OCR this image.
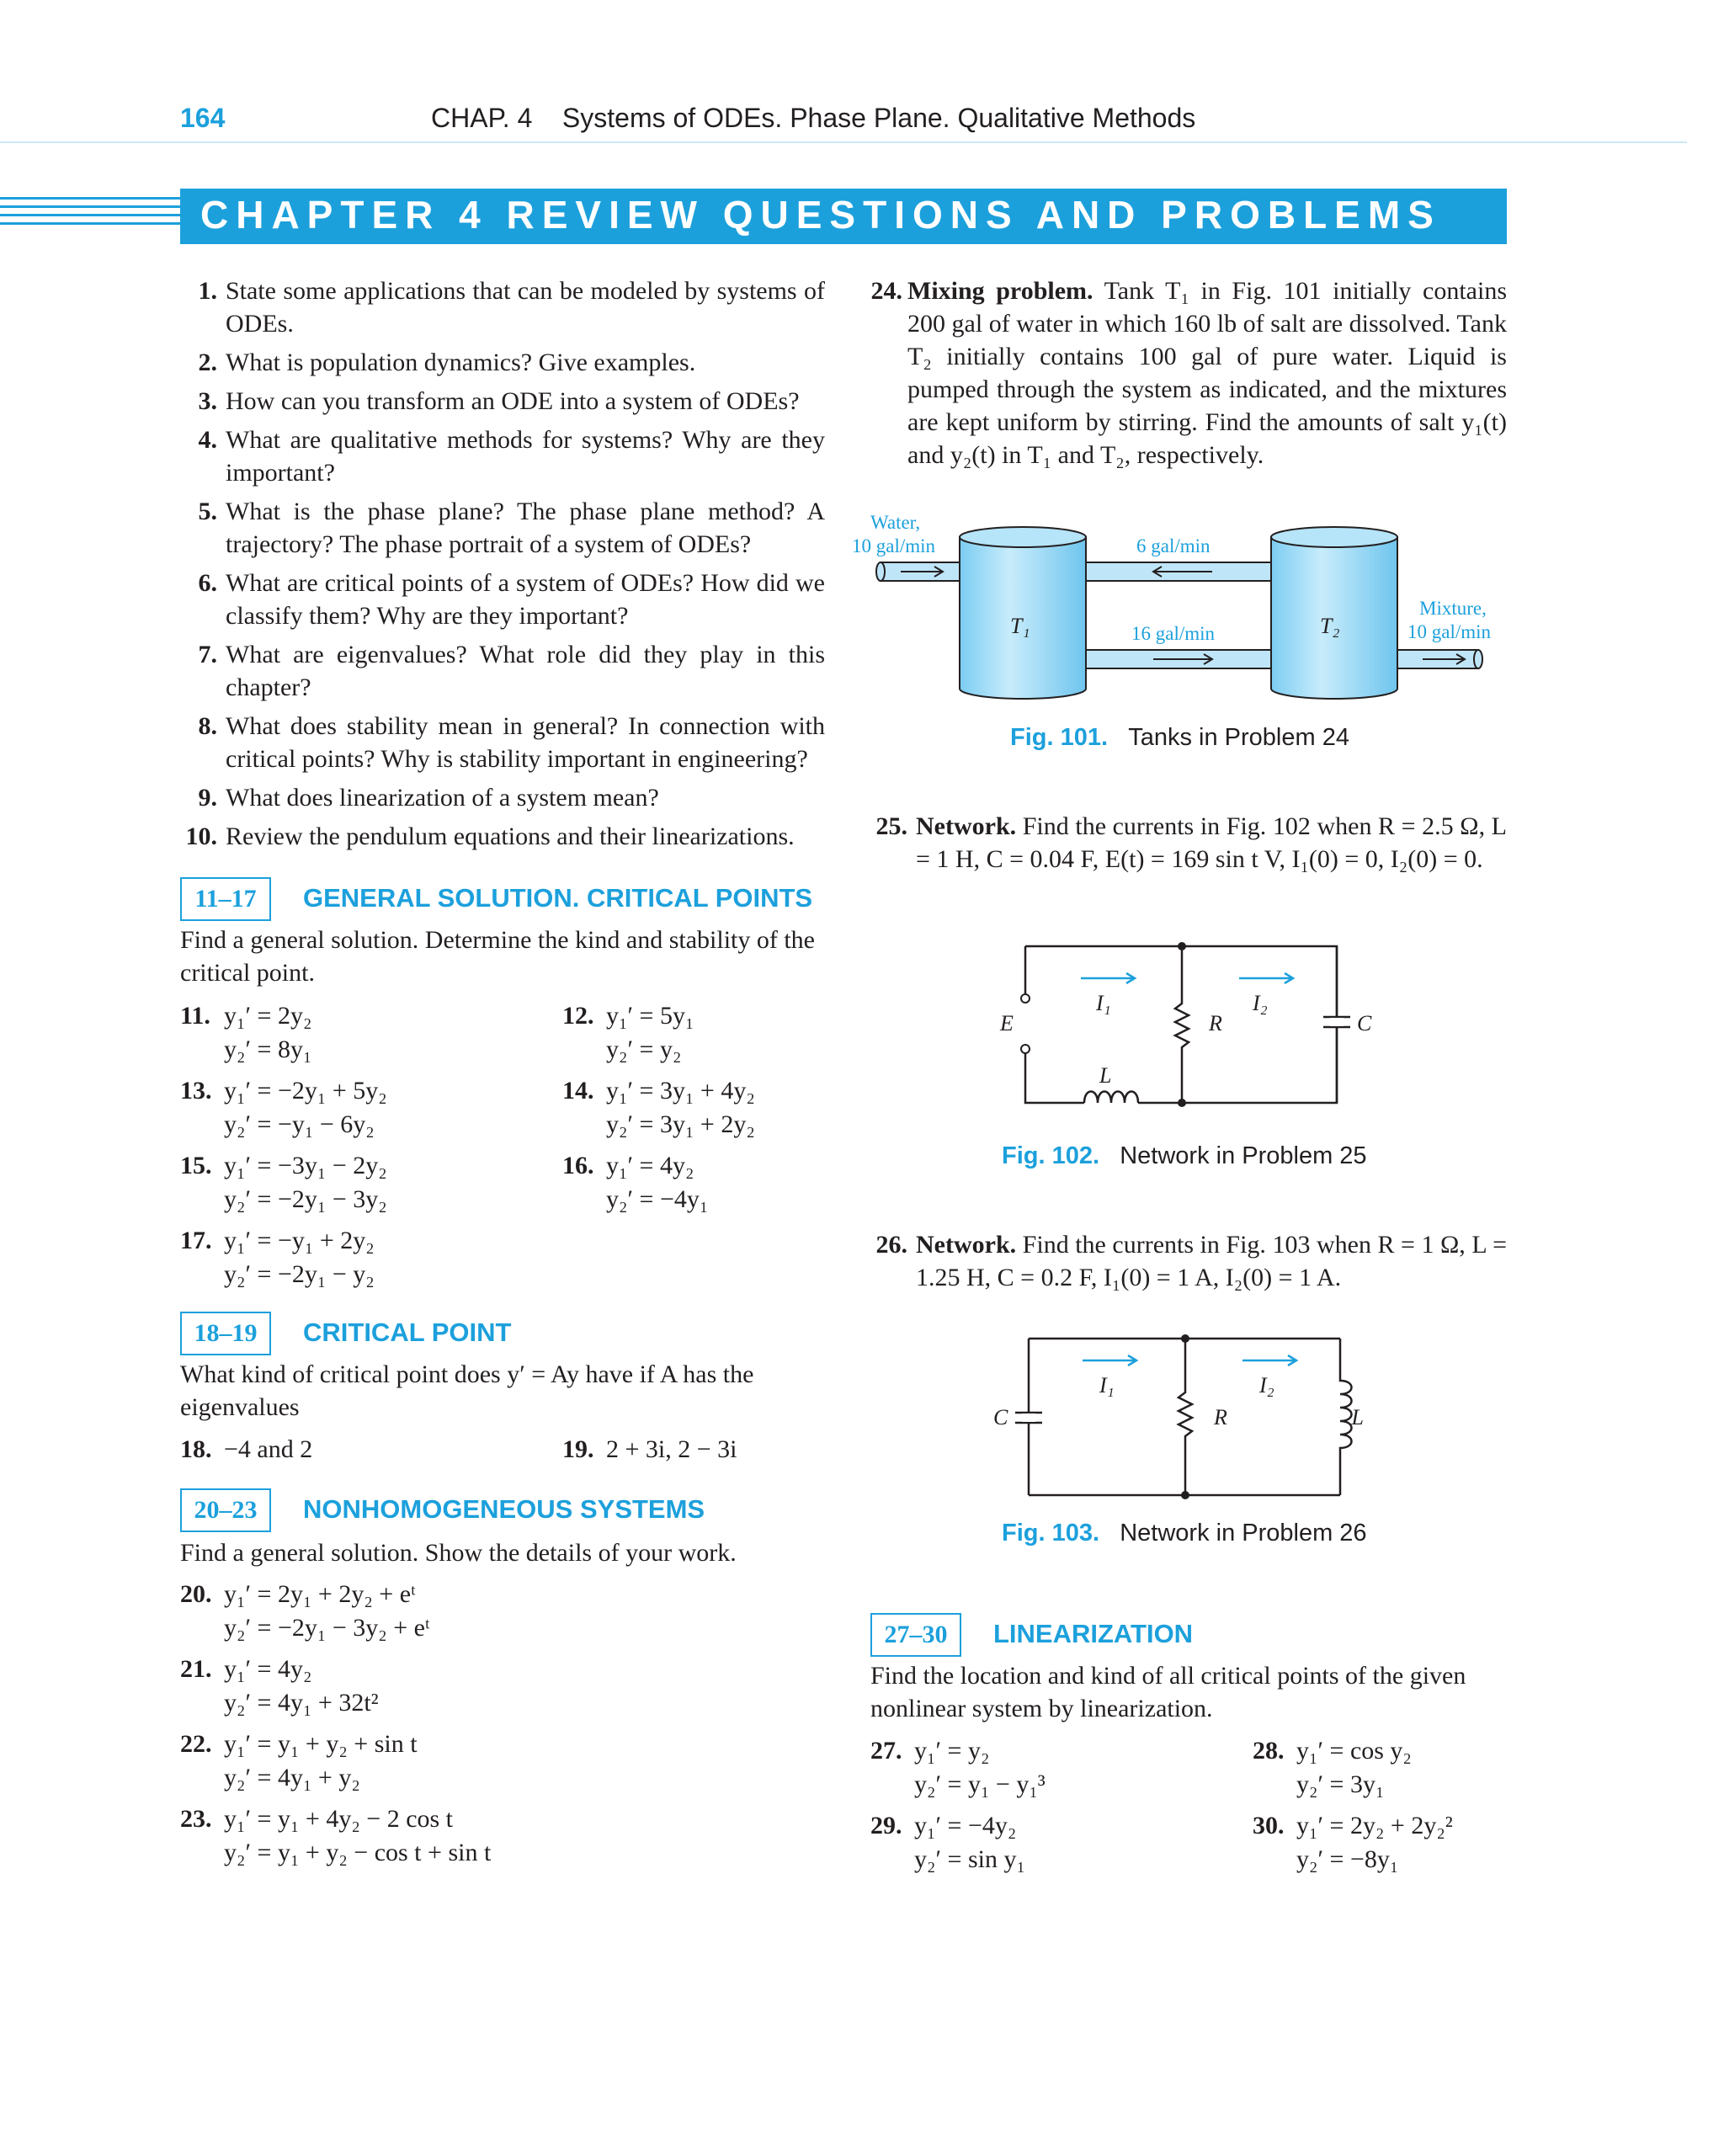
164	CHAP. 4    Systems of ODEs. Phase Plane. Qualitative Methods
CHAPTER 4 REVIEW QUESTIONS AND PROBLEMS
1. State some applications that can be modeled by systems of ODEs.
2. What is population dynamics? Give examples.
3. How can you transform an ODE into a system of ODEs?
4. What are qualitative methods for systems? Why are they important?
5. What is the phase plane? The phase plane method? A trajectory? The phase portrait of a system of ODEs?
6. What are critical points of a system of ODEs? How did we classify them? Why are they important?
7. What are eigenvalues? What role did they play in this chapter?
8. What does stability mean in general? In connection with critical points? Why is stability important in engineering?
9. What does linearization of a system mean?
10. Review the pendulum equations and their linearizations.
11–17	GENERAL SOLUTION. CRITICAL POINTS
Find a general solution. Determine the kind and stability of the critical point.
11. y₁′ = 2y₂
y₂′ = 8y₁
12. y₁′ = 5y₁
y₂′ = y₂
13. y₁′ = −2y₁ + 5y₂
y₂′ = −y₁ − 6y₂
14. y₁′ = 3y₁ + 4y₂
y₂′ = 3y₁ + 2y₂
15. y₁′ = −3y₁ − 2y₂
y₂′ = −2y₁ − 3y₂
16. y₁′ = 4y₂
y₂′ = −4y₁
17. y₁′ = −y₁ + 2y₂
y₂′ = −2y₁ − y₂
18–19	CRITICAL POINT
What kind of critical point does y′ = Ay have if A has the eigenvalues
18. −4 and 2	19. 2 + 3i, 2 − 3i
20–23	NONHOMOGENEOUS SYSTEMS
Find a general solution. Show the details of your work.
20. y₁′ = 2y₁ + 2y₂ + eᵗ
y₂′ = −2y₁ − 3y₂ + eᵗ
21. y₁′ = 4y₂
y₂′ = 4y₁ + 32t²
22. y₁′ = y₁ + y₂ + sin t
y₂′ = 4y₁ + y₂
23. y₁′ = y₁ + 4y₂ − 2 cos t
y₂′ = y₁ + y₂ − cos t + sin t
24. Mixing problem. Tank T₁ in Fig. 101 initially contains 200 gal of water in which 160 lb of salt are dissolved. Tank T₂ initially contains 100 gal of pure water. Liquid is pumped through the system as indicated, and the mixtures are kept uniform by stirring. Find the amounts of salt y₁(t) and y₂(t) in T₁ and T₂, respectively.
Water,
10 gal/min	6 gal/min
16 gal/min
Mixture,
10 gal/min
T₁	T₂
Fig. 101. Tanks in Problem 24
25. Network. Find the currents in Fig. 102 when R = 2.5 Ω, L = 1 H, C = 0.04 F, E(t) = 169 sin t V, I₁(0) = 0, I₂(0) = 0.
I₁	I₂
E	R	C
L
Fig. 102. Network in Problem 25
26. Network. Find the currents in Fig. 103 when R = 1 Ω, L = 1.25 H, C = 0.2 F, I₁(0) = 1 A, I₂(0) = 1 A.
I₁	I₂
C	R	L
Fig. 103. Network in Problem 26
27–30	LINEARIZATION
Find the location and kind of all critical points of the given nonlinear system by linearization.
27. y₁′ = y₂
y₂′ = y₁ − y₁³
28. y₁′ = cos y₂
y₂′ = 3y₁
29. y₁′ = −4y₂
y₂′ = sin y₁
30. y₁′ = 2y₂ + 2y₂²
y₂′ = −8y₁
